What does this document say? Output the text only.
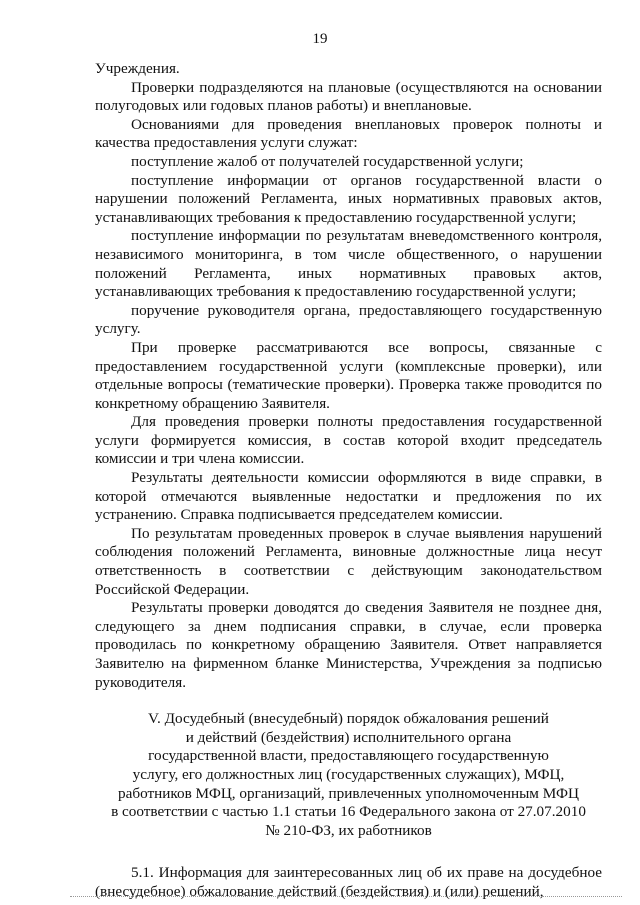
19

Учреждения.

Проверки подразделяются на плановые (осуществляются на основании полугодовых или годовых планов работы) и внеплановые.

Основаниями для проведения внеплановых проверок полноты и качества предоставления услуги служат:

поступление жалоб от получателей государственной услуги;

поступление информации от органов государственной власти о нарушении положений Регламента, иных нормативных правовых актов, устанавливающих требования к предоставлению государственной услуги;

поступление информации по результатам вневедомственного контроля, независимого мониторинга, в том числе общественного, о нарушении положений Регламента, иных нормативных правовых актов, устанавливающих требования к предоставлению государственной услуги;

поручение руководителя органа, предоставляющего государственную услугу.

При проверке рассматриваются все вопросы, связанные с предоставлением государственной услуги (комплексные проверки), или отдельные вопросы (тематические проверки). Проверка также проводится по конкретному обращению Заявителя.

Для проведения проверки полноты предоставления государственной услуги формируется комиссия, в состав которой входит председатель комиссии и три члена комиссии.

Результаты деятельности комиссии оформляются в виде справки, в которой отмечаются выявленные недостатки и предложения по их устранению. Справка подписывается председателем комиссии.

По результатам проведенных проверок в случае выявления нарушений соблюдения положений Регламента, виновные должностные лица несут ответственность в соответствии с действующим законодательством Российской Федерации.

Результаты проверки доводятся до сведения Заявителя не позднее дня, следующего за днем подписания справки, в случае, если проверка проводилась по конкретному обращению Заявителя. Ответ направляется Заявителю на фирменном бланке Министерства, Учреждения за подписью руководителя.

V. Досудебный (внесудебный) порядок обжалования решений
и действий (бездействия) исполнительного органа
государственной власти, предоставляющего государственную
услугу, его должностных лиц (государственных служащих), МФЦ,
работников МФЦ, организаций, привлеченных уполномоченным МФЦ
в соответствии с частью 1.1 статьи 16 Федерального закона от 27.07.2010
№ 210-ФЗ, их работников

5.1. Информация для заинтересованных лиц об их праве на досудебное (внесудебное) обжалование действий (бездействия) и (или) решений,
